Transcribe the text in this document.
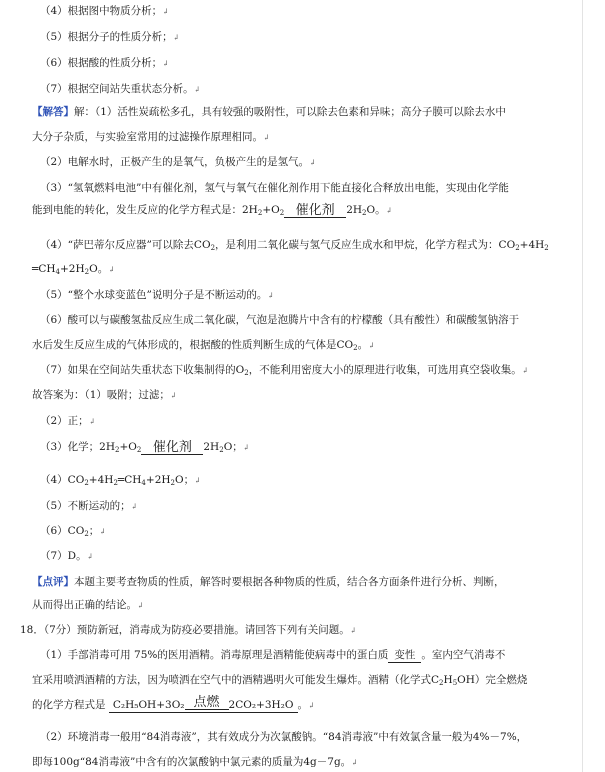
（4）根据图中物质分析；↲
（5）根据分子的性质分析；↲
（6）根据酸的性质分析；↲
（7）根据空间站失重状态分析。↲
【解答】解：（1）活性炭疏松多孔，具有较强的吸附性，可以除去色素和异味；高分子膜可以除去水中
大分子杂质，与实验室常用的过滤操作原理相同。↲
（2）电解水时，正极产生的是氧气，负极产生的是氢气。↲
（3）“氢氧燃料电池”中有催化剂，氢气与氧气在催化剂作用下能直接化合释放出电能，实现由化学能
能到电能的转化，发生反应的化学方程式是：$2H_2+O_2$ 催化剂	$2H_2O$。↲
（4）“萨巴蒂尔反应器”可以除去$CO_2$，是利用二氧化碳与氢气反应生成水和甲烷，化学方程式为：$CO_2+4H_2$
$═CH_4+2H_2O$。↲
（5）“整个水球变蓝色”说明分子是不断运动的。↲
（6）酸可以与碳酸氢盐反应生成二氧化碳，气泡是泡腾片中含有的柠檬酸（具有酸性）和碳酸氢钠溶于
水后发生反应生成的气体形成的，根据酸的性质判断生成的气体是$CO_2$。↲
（7）如果在空间站失重状态下收集制得的$O_2$，不能利用密度大小的原理进行收集，可选用真空袋收集。↲
故答案为：（1）吸附；过滤；↲
（2）正；↲
（3）化学；$2H_2+O_2$ 催化剂	$2H_2O$；↲
$(4)CO_2+4H_2═CH_4+2H_2O$；↲
（5）不断运动的；↲
$(6)CO_2$；↲
（7）D。↲
【点评】本题主要考查物质的性质，解答时要根据各种物质的性质，结合各方面条件进行分析、判断，
从而得出正确的结论。↲
18．（7分）预防新冠，消毒成为防疫必要措施。请回答下列有关问题。↲
（1）手部消毒可用 75%的医用酒精。消毒原理是酒精能使病毒中的蛋白质 变性 。室内空气消毒不
宜采用喷洒酒精的方法，因为喷洒在空气中的酒精遇明火可能发生爆炸。酒精（化学式$C_2H_5OH$）完全燃烧
的化学方程式是 C₂H₅OH+3O₂ 点燃 2CO₂+3H₂O 。↲
（2）环境消毒一般用“84消毒液”，其有效成分为次氯酸钠。“84消毒液”中有效氯含量一般为4%－7%，
即每100g“84消毒液”中含有的次氯酸钠中氯元素的质量为4g－7g。↲
